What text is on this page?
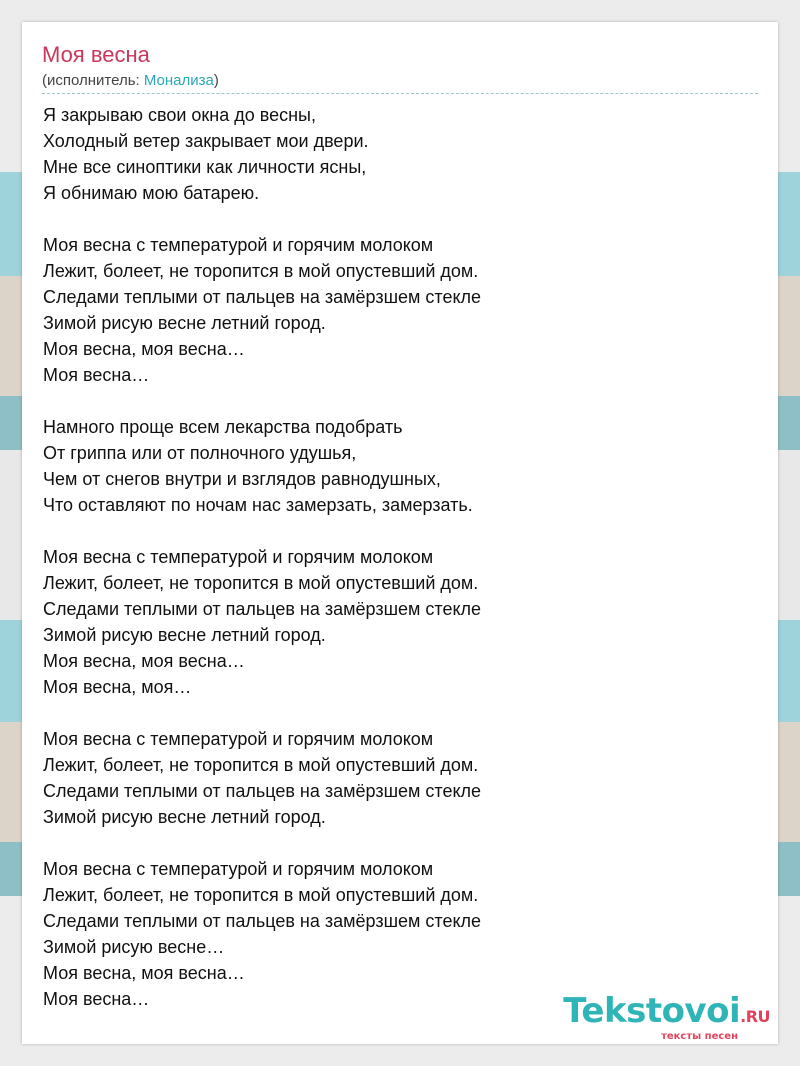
Моя весна
(исполнитель: Монализа)
Я закрываю свои окна до весны,
Холодный ветер закрывает мои двери.
Мне все синоптики как личности ясны,
Я обнимаю мою батарею.
Моя весна с температурой и горячим молоком
Лежит, болеет, не торопится в мой опустевший дом.
Следами теплыми от пальцев на замёрзшем стекле
Зимой рисую весне летний город.
Моя весна, моя весна…
Моя весна…
Намного проще всем лекарства подобрать
От гриппа или от полночного удушья,
Чем от снегов внутри и взглядов равнодушных,
Что оставляют по ночам нас замерзать, замерзать.
Моя весна с температурой и горячим молоком
Лежит, болеет, не торопится в мой опустевший дом.
Следами теплыми от пальцев на замёрзшем стекле
Зимой рисую весне летний город.
Моя весна, моя весна…
Моя весна, моя…
Моя весна с температурой и горячим молоком
Лежит, болеет, не торопится в мой опустевший дом.
Следами теплыми от пальцев на замёрзшем стекле
Зимой рисую весне летний город.
Моя весна с температурой и горячим молоком
Лежит, болеет, не торопится в мой опустевший дом.
Следами теплыми от пальцев на замёрзшем стекле
Зимой рисую весне…
Моя весна, моя весна…
Моя весна…	Tekstovoi.RU
тексты песен
